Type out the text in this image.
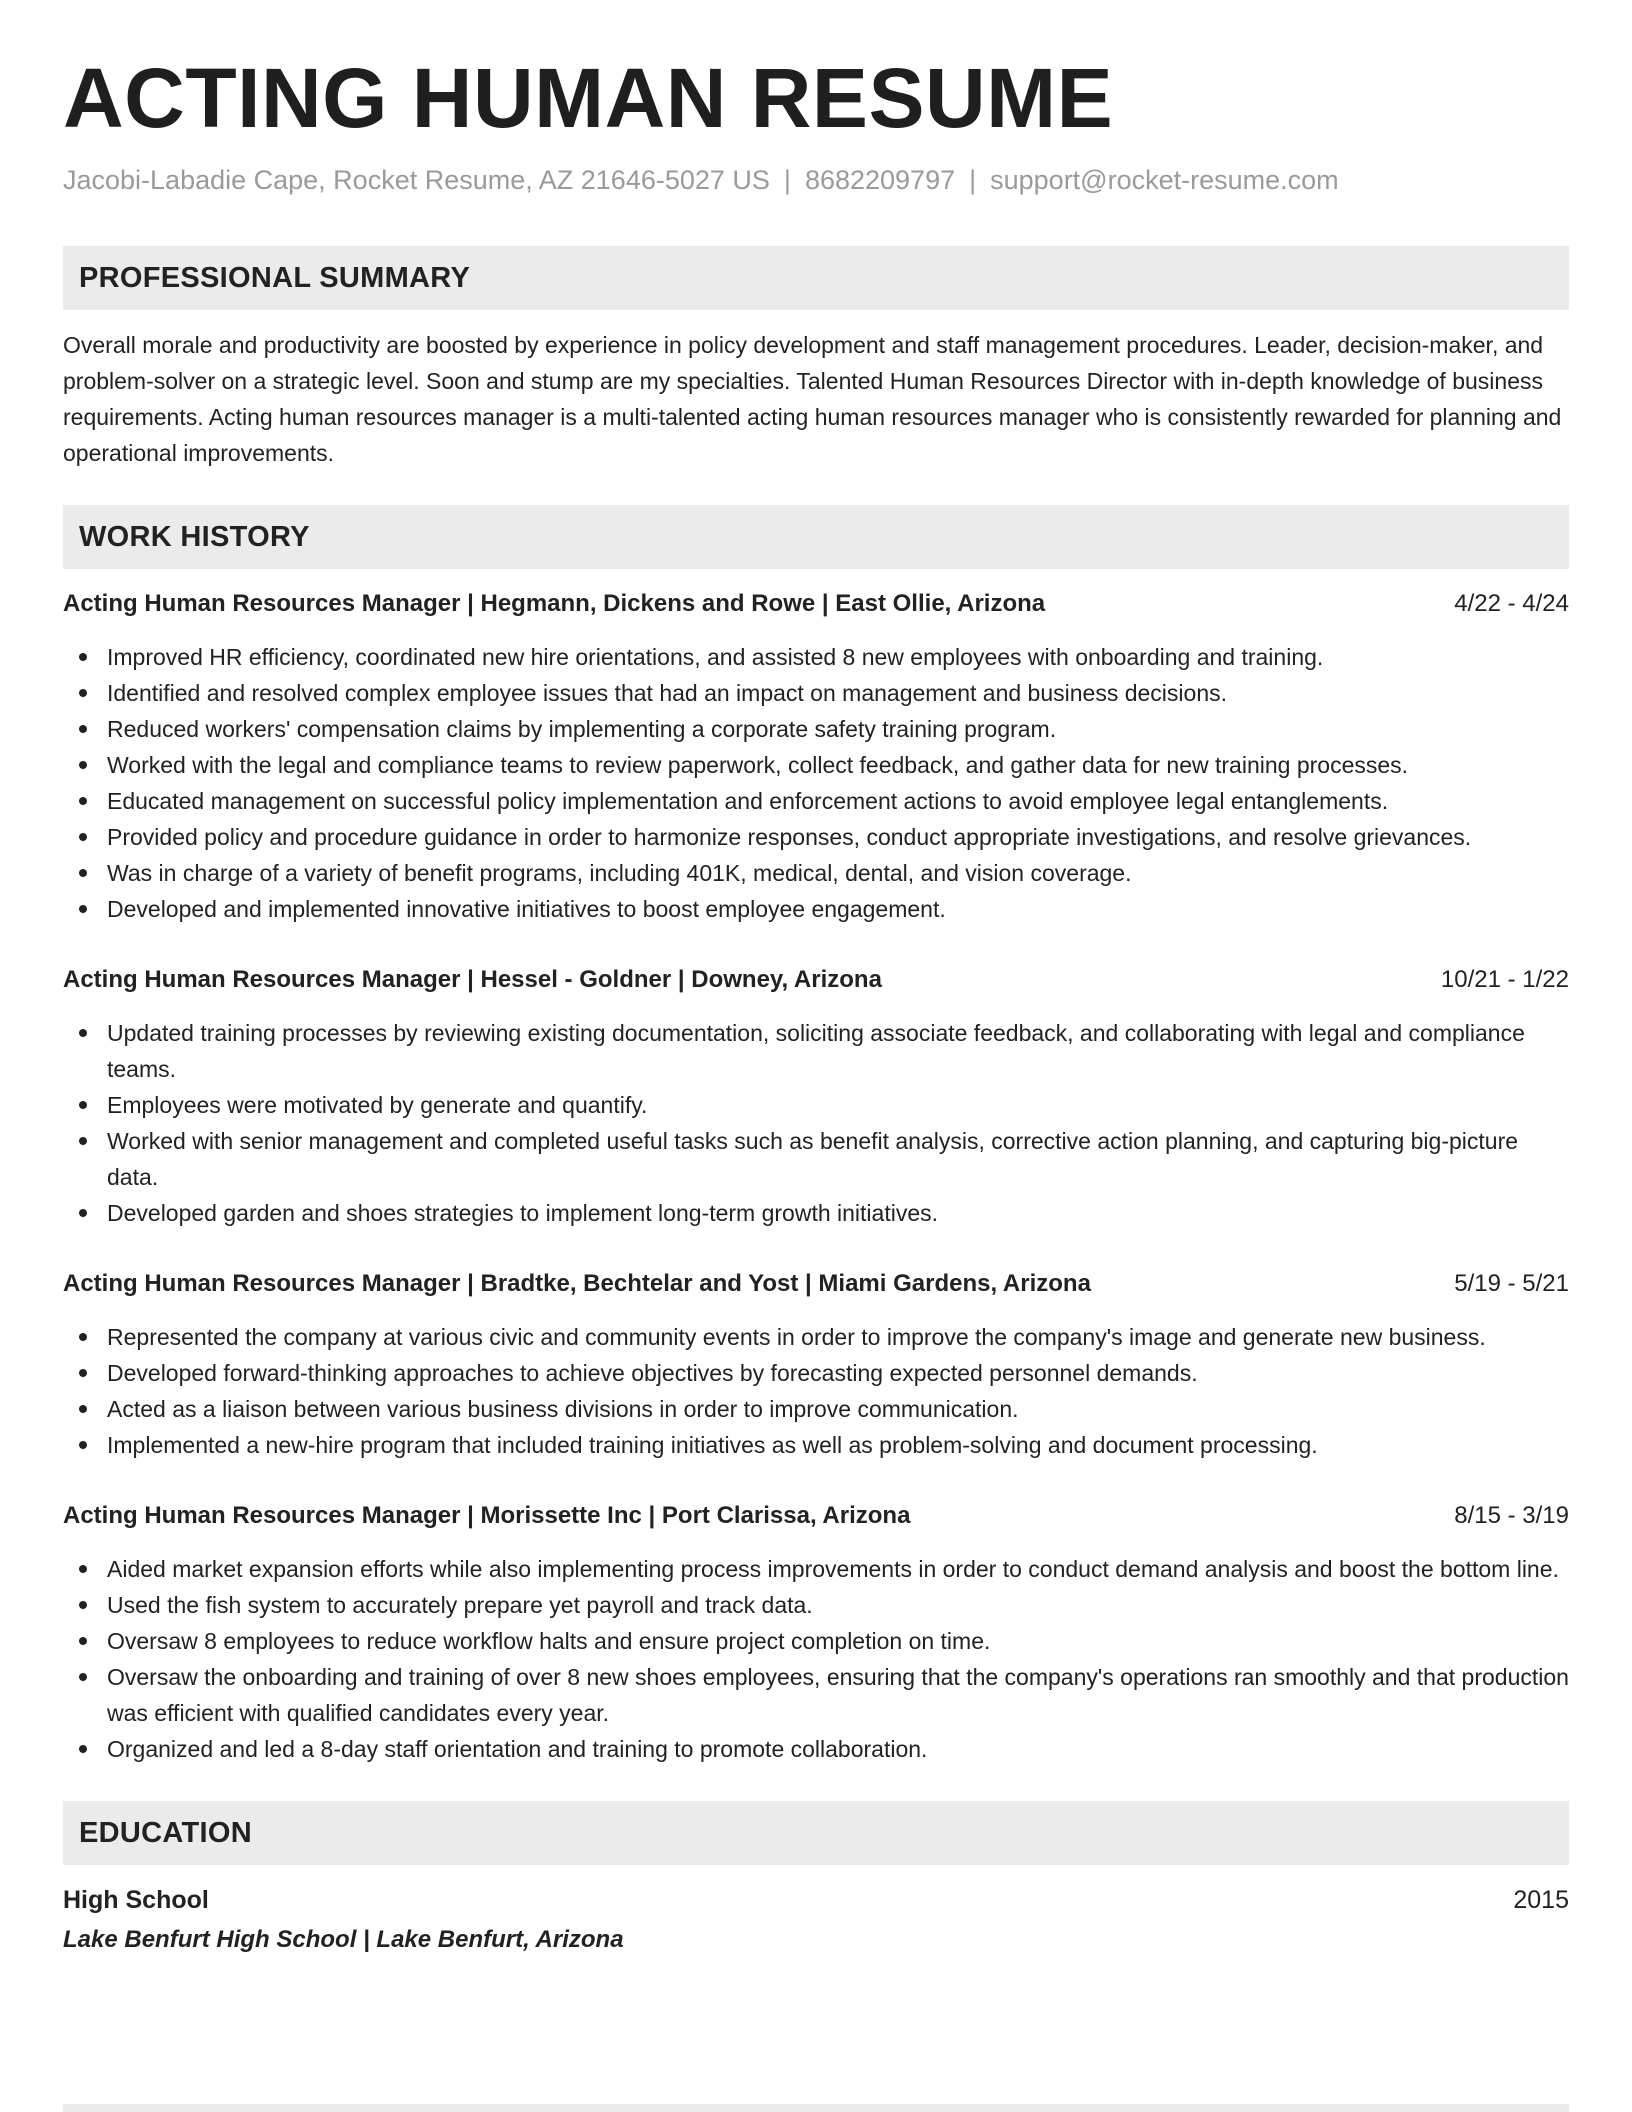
ACTING HUMAN RESUME
Jacobi-Labadie Cape, Rocket Resume, AZ 21646-5027 US | 8682209797 | support@rocket-resume.com
PROFESSIONAL SUMMARY

Overall morale and productivity are boosted by experience in policy development and staff management procedures. Leader, decision-maker, and problem-solver on a strategic level. Soon and stump are my specialties. Talented Human Resources Director with in-depth knowledge of business requirements. Acting human resources manager is a multi-talented acting human resources manager who is consistently rewarded for planning and operational improvements.

WORK HISTORY
Acting Human Resources Manager | Hegmann, Dickens and Rowe | East Ollie, Arizona	4/22 - 4/24
Improved HR efficiency, coordinated new hire orientations, and assisted 8 new employees with onboarding and training.
Identified and resolved complex employee issues that had an impact on management and business decisions.
Reduced workers' compensation claims by implementing a corporate safety training program.
Worked with the legal and compliance teams to review paperwork, collect feedback, and gather data for new training processes.
Educated management on successful policy implementation and enforcement actions to avoid employee legal entanglements.
Provided policy and procedure guidance in order to harmonize responses, conduct appropriate investigations, and resolve grievances.
Was in charge of a variety of benefit programs, including 401K, medical, dental, and vision coverage.
Developed and implemented innovative initiatives to boost employee engagement.
Acting Human Resources Manager | Hessel - Goldner | Downey, Arizona	10/21 - 1/22
Updated training processes by reviewing existing documentation, soliciting associate feedback, and collaborating with legal and compliance teams.
Employees were motivated by generate and quantify.
Worked with senior management and completed useful tasks such as benefit analysis, corrective action planning, and capturing big-picture data.
Developed garden and shoes strategies to implement long-term growth initiatives.
Acting Human Resources Manager | Bradtke, Bechtelar and Yost | Miami Gardens, Arizona	5/19 - 5/21
Represented the company at various civic and community events in order to improve the company's image and generate new business.
Developed forward-thinking approaches to achieve objectives by forecasting expected personnel demands.
Acted as a liaison between various business divisions in order to improve communication.
Implemented a new-hire program that included training initiatives as well as problem-solving and document processing.
Acting Human Resources Manager | Morissette Inc | Port Clarissa, Arizona	8/15 - 3/19
Aided market expansion efforts while also implementing process improvements in order to conduct demand analysis and boost the bottom line.
Used the fish system to accurately prepare yet payroll and track data.
Oversaw 8 employees to reduce workflow halts and ensure project completion on time.
Oversaw the onboarding and training of over 8 new shoes employees, ensuring that the company's operations ran smoothly and that production was efficient with qualified candidates every year.
Organized and led a 8-day staff orientation and training to promote collaboration.
EDUCATION
High School	2015
Lake Benfurt High School | Lake Benfurt, Arizona
